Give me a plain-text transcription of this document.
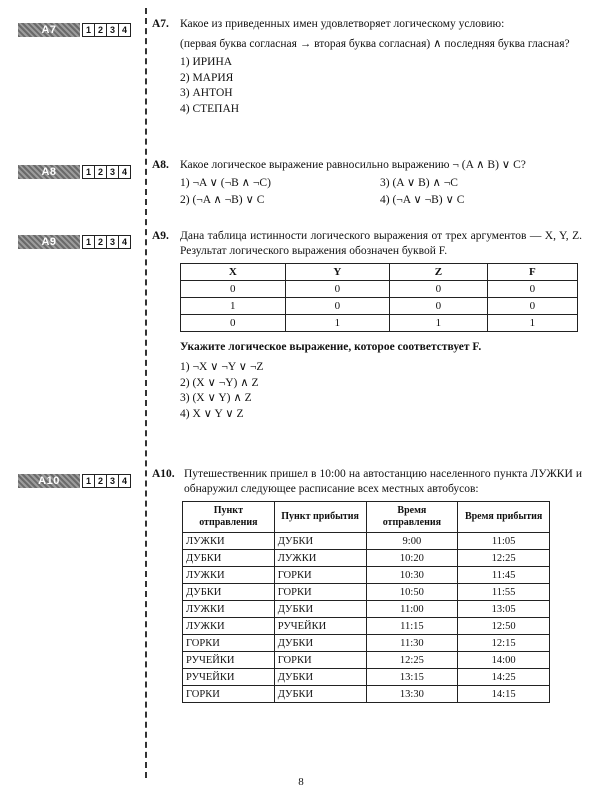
A7	1 2 3 4	A7. Какое из приведенных имен удовлетворяет логическому условию:
(первая буква согласная → вторая буква согласная) ∧ последняя буква гласная?
1) ИРИНА
2) МАРИЯ
3) АНТОН
4) СТЕПАН
A8	1 2 3 4
A8. Какое логическое выражение равносильно выражению ¬ (A ∧ B) ∨ C?
1) ¬A ∨ (¬B ∧ ¬C)	3) (A ∨ B) ∧ ¬C
2) (¬A ∧ ¬B) ∨ C	4) (¬A ∨ ¬B) ∨ C
A9	1 2 3 4	A9. Дана таблица истинности логического выражения от трех аргументов — X, Y, Z. Результат логического выражения обозначен буквой F.
X	Y	Z	F
0	0	0	0
1	0	0	0
0	1	1	1
Укажите логическое выражение, которое соответствует F.
1) ¬X ∨ ¬Y ∨ ¬Z
2) (X ∨ ¬Y) ∧ Z
3) (X ∨ Y) ∧ Z
4) X ∨ Y ∨ Z
A10	1 2 3 4
A10. Путешественник пришел в 10:00 на автостанцию населенного пункта ЛУЖКИ и обнаружил следующее расписание всех местных автобусов:
Пункт отправления	Пункт прибытия	Время отправления	Время прибытия
ЛУЖКИ	ДУБКИ	9:00	11:05
ДУБКИ	ЛУЖКИ	10:20	12:25
ЛУЖКИ	ГОРКИ	10:30	11:45
ДУБКИ	ГОРКИ	10:50	11:55
ЛУЖКИ	ДУБКИ	11:00	13:05
ЛУЖКИ	РУЧЕЙКИ	11:15	12:50
ГОРКИ	ДУБКИ	11:30	12:15
РУЧЕЙКИ	ГОРКИ	12:25	14:00
РУЧЕЙКИ	ДУБКИ	13:15	14:25
ГОРКИ	ДУБКИ	13:30	14:15
8
